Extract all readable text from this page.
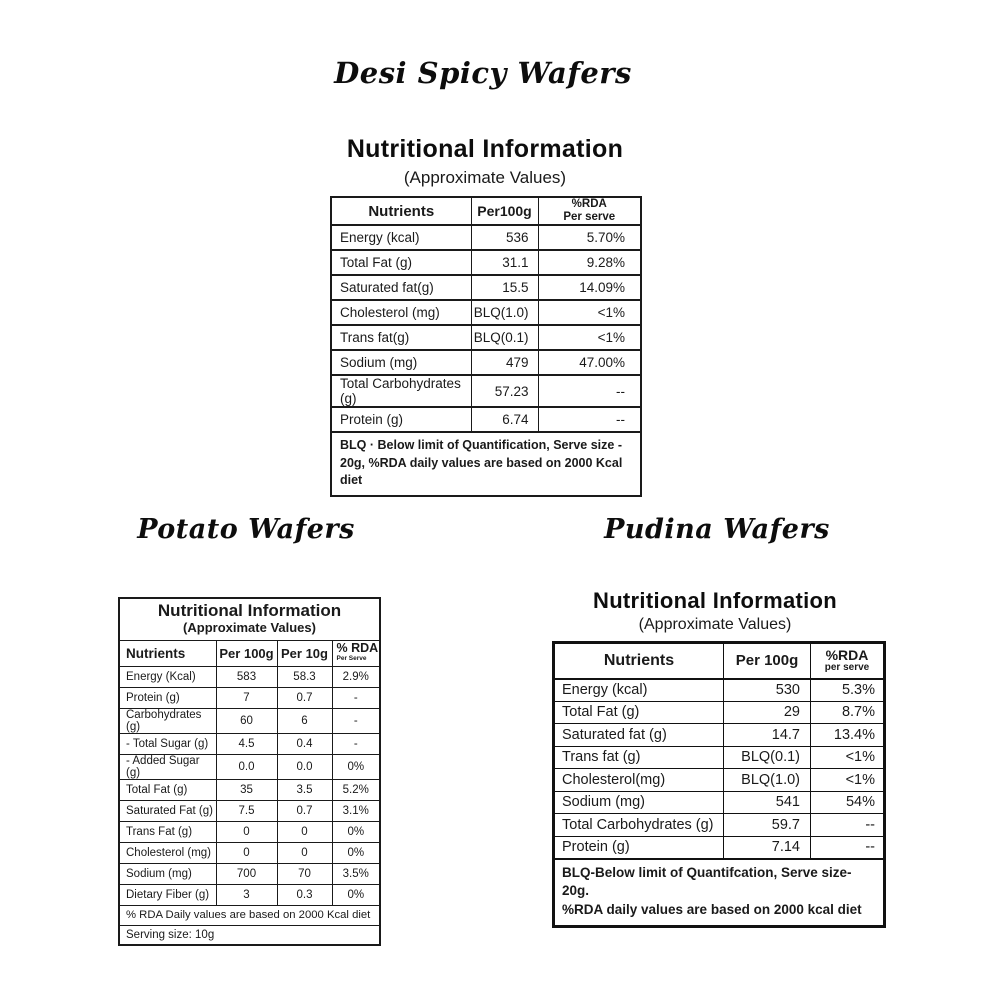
Desi Spicy Wafers
Nutritional Information
(Approximate Values)
Nutrients	Per100g	%RDA
Per serve
Energy (kcal)	536	5.70%
Total Fat (g)	31.1	9.28%
Saturated fat(g)	15.5	14.09%
Cholesterol (mg)	BLQ(1.0)	<1%
Trans fat(g)	BLQ(0.1)	<1%
Sodium (mg)	479	47.00%
Total Carbohydrates (g)	57.23	--
Protein (g)	6.74	--
BLQ · Below limit of Quantification, Serve size - 20g, %RDA daily values are based on 2000 Kcal diet		
Potato Wafers
Nutritional Information
(Approximate Values)			

Nutrients	Per 100g	Per 10g	% RDA
Per Serve

Energy (Kcal)	583	58.3	2.9%
Protein (g)	7	0.7	-
Carbohydrates (g)	60	6	-
- Total Sugar (g)	4.5	0.4	-
- Added Sugar (g)	0.0	0.0	0%
Total Fat (g)	35	3.5	5.2%
Saturated Fat (g)	7.5	0.7	3.1%
Trans Fat (g)	0	0	0%
Cholesterol (mg)	0	0	0%
Sodium (mg)	700	70	3.5%
Dietary Fiber (g)	3	0.3	0%
% RDA Daily values are based on 2000 Kcal diet			
Serving size: 10g			
Pudina Wafers
Nutritional Information
(Approximate Values)
Nutrients	Per 100g	%RDA
per serve

Energy (kcal)	530	5.3%
Total Fat (g)	29	8.7%
Saturated fat (g)	14.7	13.4%
Trans fat (g)	BLQ(0.1)	<1%
Cholesterol(mg)	BLQ(1.0)	<1%
Sodium (mg)	541	54%
Total Carbohydrates (g)	59.7	--
Protein (g)	7.14	--
BLQ-Below limit of Quantifcation, Serve size- 20g.
%RDA daily values are based on 2000 kcal diet		
